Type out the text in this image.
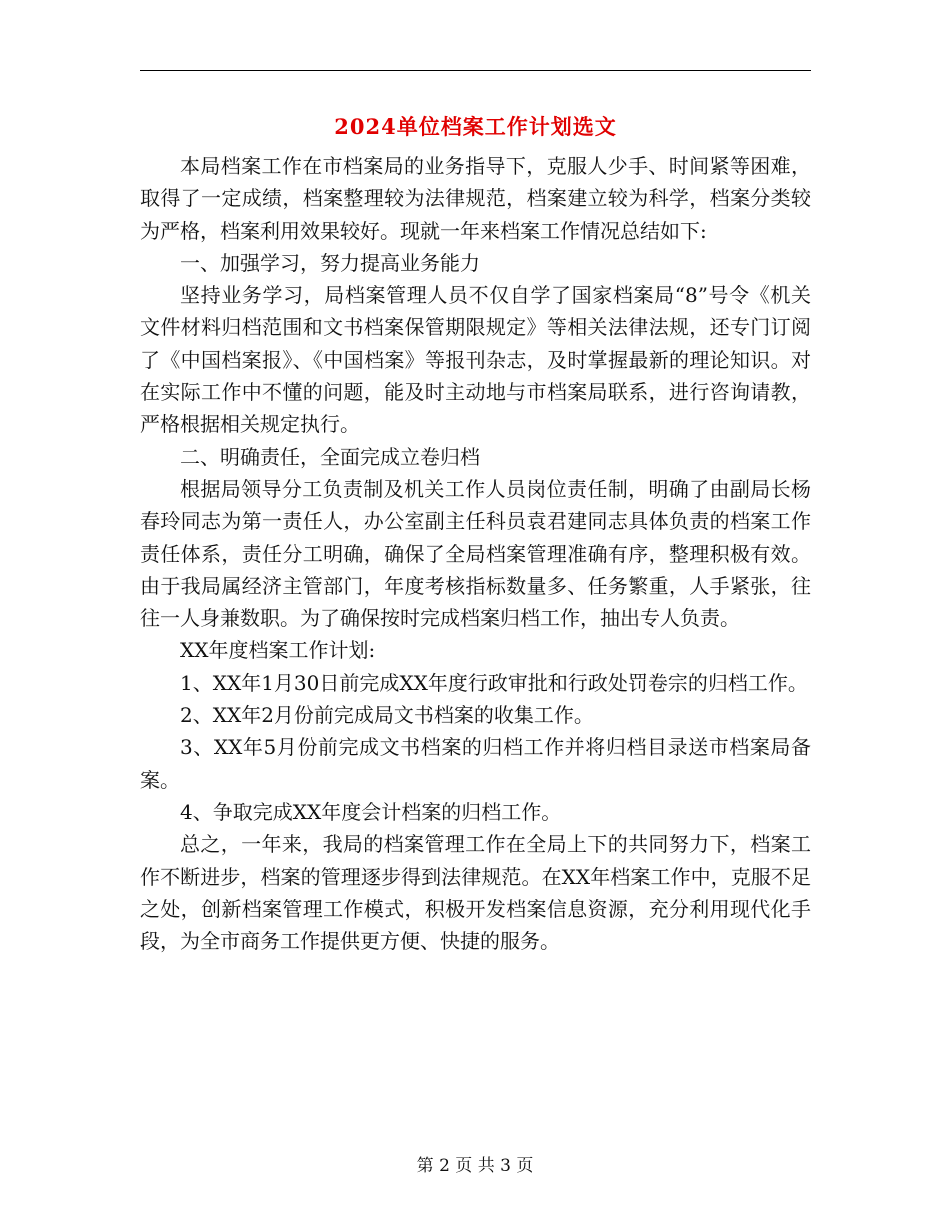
2024单位档案工作计划选文

本局档案工作在市档案局的业务指导下，克服人少手、时间紧等困难，取得了一定成绩，档案整理较为法律规范，档案建立较为科学，档案分类较为严格，档案利用效果较好。现就一年来档案工作情况总结如下:

一、加强学习，努力提高业务能力

坚持业务学习，局档案管理人员不仅自学了国家档案局“8”号令《机关文件材料归档范围和文书档案保管期限规定》等相关法律法规，还专门订阅了《中国档案报》、《中国档案》等报刊杂志，及时掌握最新的理论知识。对在实际工作中不懂的问题，能及时主动地与市档案局联系，进行咨询请教，严格根据相关规定执行。

二、明确责任，全面完成立卷归档

根据局领导分工负责制及机关工作人员岗位责任制，明确了由副局长杨春玲同志为第一责任人，办公室副主任科员袁君建同志具体负责的档案工作责任体系，责任分工明确，确保了全局档案管理准确有序，整理积极有效。由于我局属经济主管部门，年度考核指标数量多、任务繁重，人手紧张，往往一人身兼数职。为了确保按时完成档案归档工作，抽出专人负责。

XX年度档案工作计划:

1、XX年1月30日前完成XX年度行政审批和行政处罚卷宗的归档工作。

2、XX年2月份前完成局文书档案的收集工作。

3、XX年5月份前完成文书档案的归档工作并将归档目录送市档案局备案。

4、争取完成XX年度会计档案的归档工作。

总之，一年来，我局的档案管理工作在全局上下的共同努力下，档案工作不断进步，档案的管理逐步得到法律规范。在XX年档案工作中，克服不足之处，创新档案管理工作模式，积极开发档案信息资源，充分利用现代化手段，为全市商务工作提供更方便、快捷的服务。

第 2 页 共 3 页
